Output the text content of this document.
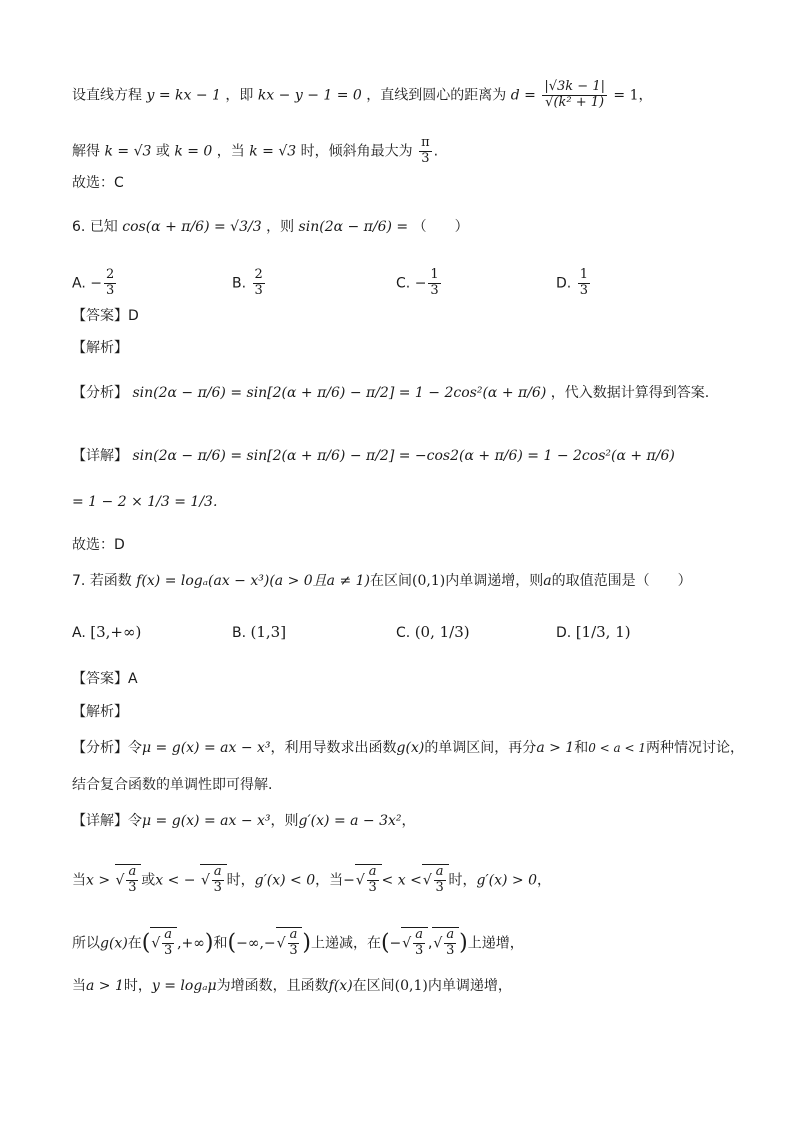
设直线方程 y = kx − 1 ，即 kx − y − 1 = 0 ，直线到圆心的距离为 $d = \frac{|√3k - 1|}{\text{√(k² + 1)}} = 1$，
解得 k = √3 或 k = 0 ，当 k = √3 时，倾斜角最大为 $\frac{\pi}{3}$ .
故选：C
6. 已知 cos(α + π/6) = √3/3 ，则 sin(2α − π/6) = （　　）
A. − $\frac{2}{3}$	B. $\frac{2}{3}$	C. − $\frac{1}{3}$	D. $\frac{1}{3}$
【答案】D
【解析】
【分析】 sin(2α − π/6) = sin[2(α + π/6) − π/2] = 1 − 2cos²(α + π/6) ，代入数据计算得到答案.
【详解】 sin(2α − π/6) = sin[2(α + π/6) − π/2] = −cos2(α + π/6) = 1 − 2cos²(α + π/6)
= 1 − 2 × 1/3 = 1/3.
故选：D
7. 若函数 f(x) = logₐ(ax − x³)(a > 0且a ≠ 1)在区间(0,1)内单调递增，则a的取值范围是（　　）
A. [3,+∞)	B. (1,3]	C. (0, 1/3)	D. [1/3, 1)
【答案】A
【解析】
【分析】令μ = g(x) = ax − x³，利用导数求出函数g(x)的单调区间，再分a > 1和0 < a < 1两种情况讨论，
结合复合函数的单调性即可得解.
【详解】令μ = g(x) = ax − x³，则g′(x) = a − 3x²，
当x > √ $\frac{a}{3}$ 或x < − √ $\frac{a}{3}$ 时，g′(x) < 0，当−√ $\frac{a}{3} < x$ <√ $\frac{a}{3}$ 时，g′(x) > 0，
所以g(x)在(√ $\frac{a}{3}$ ,+∞)和(−∞,−√ $\frac{a}{3}$ )上递减，在(−√ $\frac{a}{3}$ ,√ $\frac{a}{3}$ )上递增，
当a > 1时，y = logₐμ为增函数，且函数f(x)在区间(0,1)内单调递增，
